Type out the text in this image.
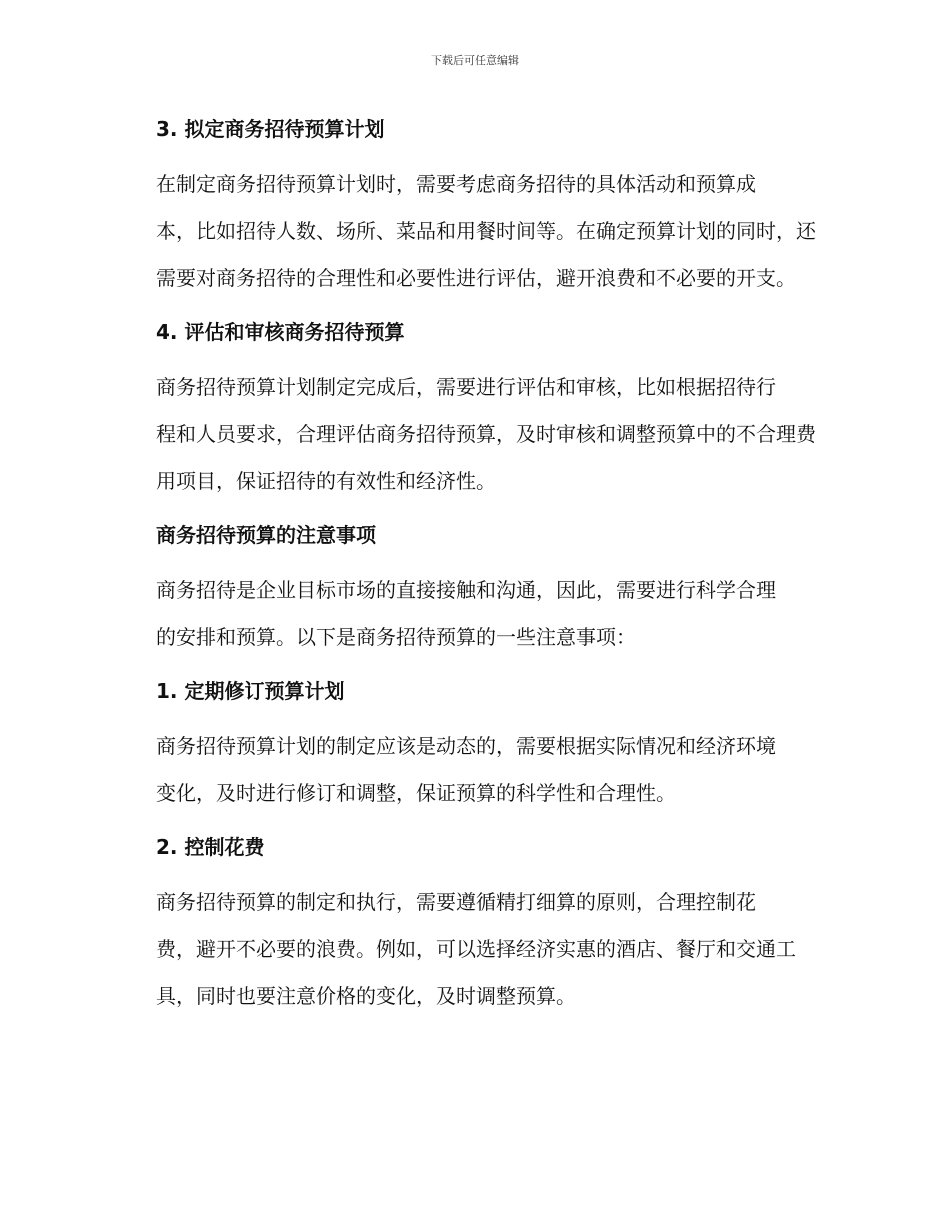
下载后可任意编辑
3. 拟定商务招待预算计划
在制定商务招待预算计划时，需要考虑商务招待的具体活动和预算成
本，比如招待人数、场所、菜品和用餐时间等。在确定预算计划的同时，还
需要对商务招待的合理性和必要性进行评估，避开浪费和不必要的开支。
4. 评估和审核商务招待预算
商务招待预算计划制定完成后，需要进行评估和审核，比如根据招待行
程和人员要求，合理评估商务招待预算，及时审核和调整预算中的不合理费
用项目，保证招待的有效性和经济性。
商务招待预算的注意事项
商务招待是企业目标市场的直接接触和沟通，因此，需要进行科学合理
的安排和预算。以下是商务招待预算的一些注意事项：
1. 定期修订预算计划
商务招待预算计划的制定应该是动态的，需要根据实际情况和经济环境
变化，及时进行修订和调整，保证预算的科学性和合理性。
2. 控制花费
商务招待预算的制定和执行，需要遵循精打细算的原则，合理控制花
费，避开不必要的浪费。例如，可以选择经济实惠的酒店、餐厅和交通工
具，同时也要注意价格的变化，及时调整预算。
